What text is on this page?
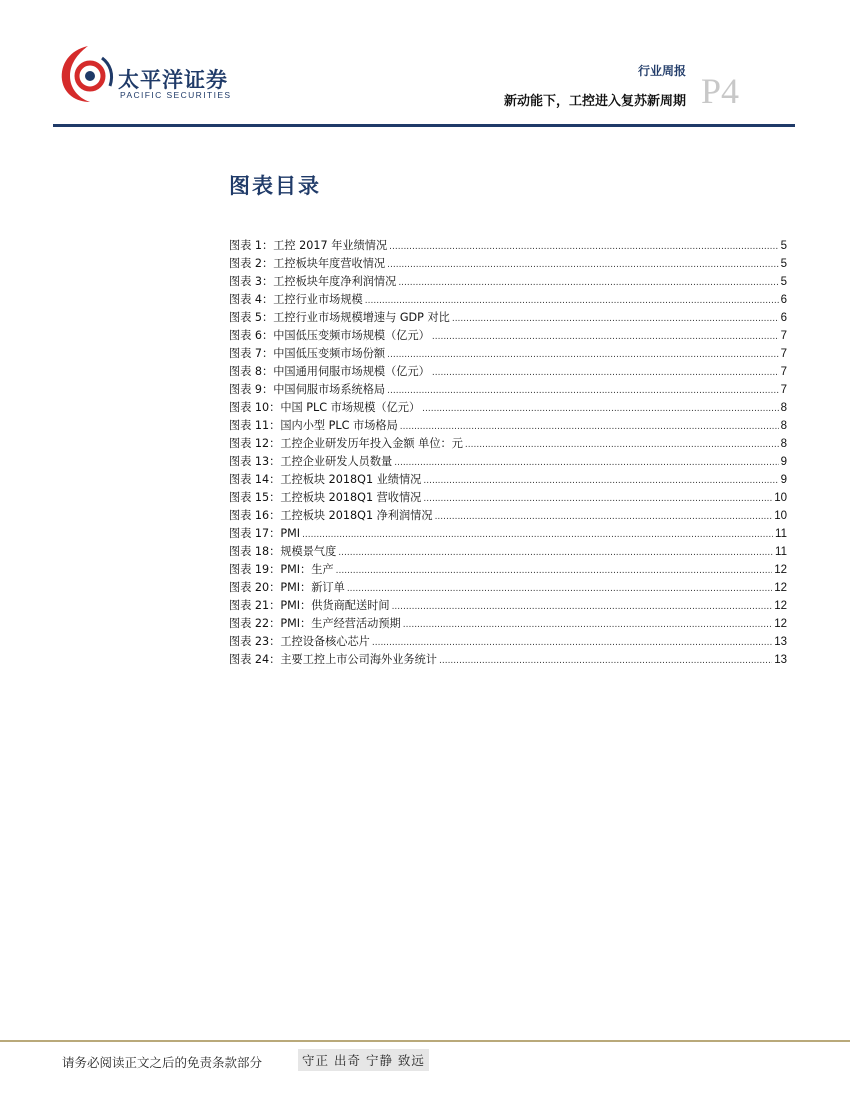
太平洋证券
PACIFIC SECURITIES
行业周报
新动能下，工控进入复苏新周期 P4
图表目录
图表 1：工控 2017 年业绩情况 .....	5
图表 2：工控板块年度营收情况 .....	5
图表 3：工控板块年度净利润情况 .....	5
图表 4：工控行业市场规模 .....	6
图表 5：工控行业市场规模增速与 GDP 对比 .....	6
图表 6：中国低压变频市场规模（亿元） .....	7
图表 7：中国低压变频市场份额 .....	7
图表 8：中国通用伺服市场规模（亿元） .....	7
图表 9：中国伺服市场系统格局 .....	7
图表 10：中国 PLC 市场规模（亿元） .....	8
图表 11：国内小型 PLC 市场格局 .....	8
图表 12：工控企业研发历年投入金额 单位：元 .....	8
图表 13：工控企业研发人员数量 .....	9
图表 14：工控板块 2018Q1 业绩情况 .....	9
图表 15：工控板块 2018Q1 营收情况 .....	10
图表 16：工控板块 2018Q1 净利润情况 .....	10
图表 17：PMI .....	11
图表 18：规模景气度 .....	11
图表 19：PMI：生产 .....	12
图表 20：PMI：新订单 .....	12
图表 21：PMI：供货商配送时间 .....	12
图表 22：PMI：生产经营活动预期 .....	12
图表 23：工控设备核心芯片 .....	13
图表 24：主要工控上市公司海外业务统计 .....	13
请务必阅读正文之后的免责条款部分	守正 出奇 宁静 致远
